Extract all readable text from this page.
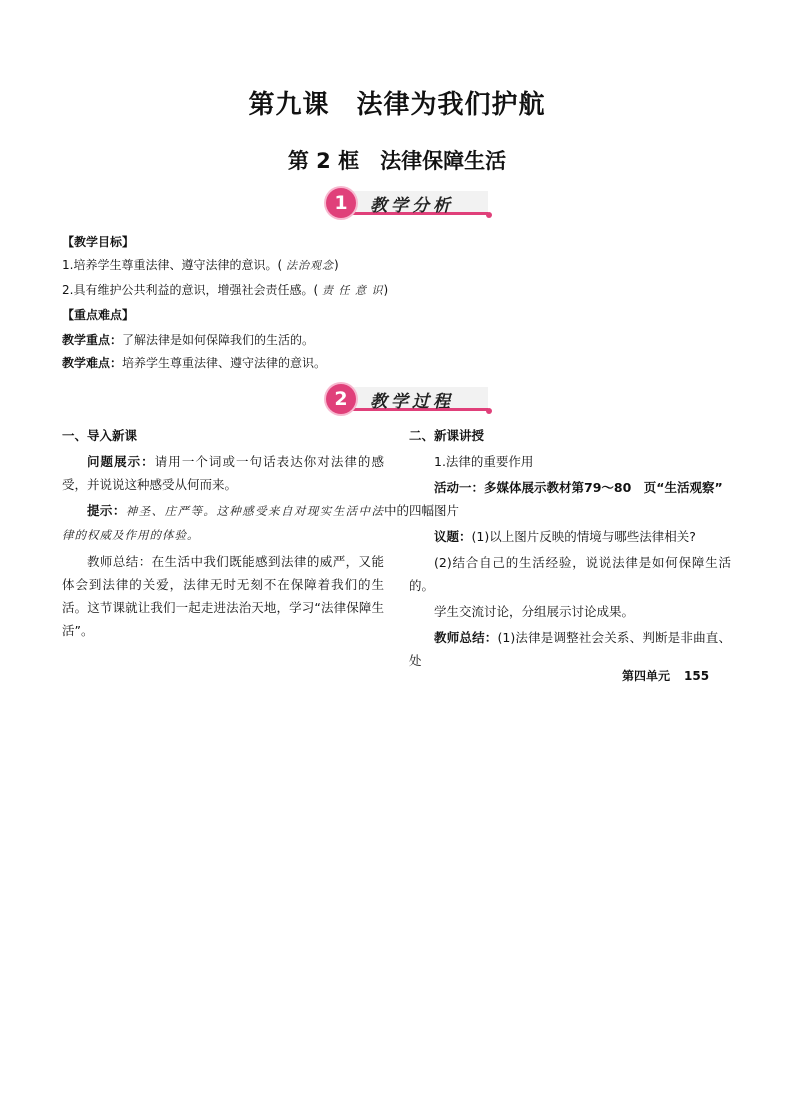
第九课　法律为我们护航
第 2 框　法律保障生活
1	教学分析
【教学目标】
1.培养学生尊重法律、遵守法律的意识。( 法治观念)
2.具有维护公共利益的意识，增强社会责任感。( 责 任 意 识)
【重点难点】
教学重点：了解法律是如何保障我们的生活的。
教学难点：培养学生尊重法律、遵守法律的意识。
2	教学过程

一、导入新课

问题展示：请用一个词或一句话表达你对法律的感受，并说说这种感受从何而来。

提示：神圣、庄严等。这种感受来自对现实生活中法律的权威及作用的体验。

教师总结：在生活中我们既能感到法律的威严，又能体会到法律的关爱，法律无时无刻不在保障着我们的生活。这节课就让我们一起走进法治天地，学习“法律保障生活”。

二、新课讲授

1.法律的重要作用

活动一：多媒体展示教材第79～80　页“生活观察”
中的四幅图片

议题：(1)以上图片反映的情境与哪些法律相关?

(2)结合自己的生活经验，说说法律是如何保障生活的。

学生交流讨论，分组展示讨论成果。

教师总结：(1)法律是调整社会关系、判断是非曲直、处

第四单元 155
